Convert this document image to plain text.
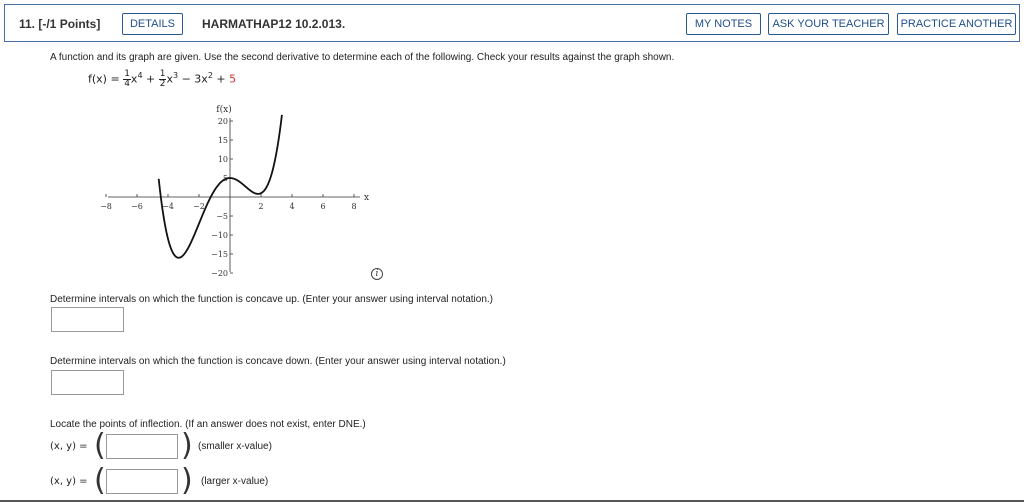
11. [-/1 Points]	DETAILS	HARMATHAP12 10.2.013.	MY NOTES	ASK YOUR TEACHER	PRACTICE ANOTHER
A function and its graph are given. Use the second derivative to determine each of the following. Check your results against the graph shown.
$f(x) = \frac{1}{4} x^4 + \frac{1}{2} x^3 - 3x^2 + 5$
f(x)
x
−8 −6 −4 −2	2	4	6	8
20
15
10
5
−5
−10
−15
−20	i
Determine intervals on which the function is concave up. (Enter your answer using interval notation.)
Determine intervals on which the function is concave down. (Enter your answer using interval notation.)
Locate the points of inflection. (If an answer does not exist, enter DNE.)
(x, y) = (	) (smaller x-value)
(x, y) = (	) (larger x-value)
